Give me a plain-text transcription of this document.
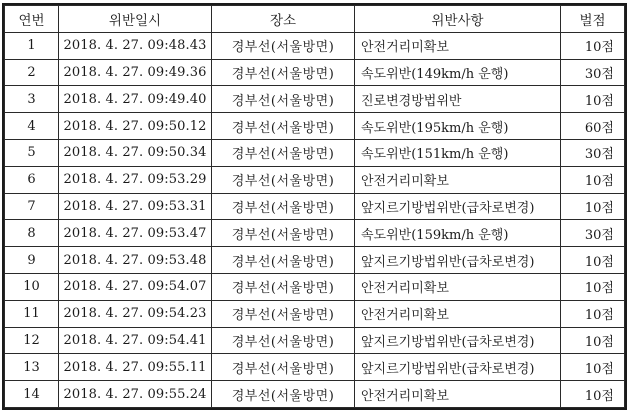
연번	위반일시	장소	위반사항	벌점
1	2018. 4. 27. 09:48.43	경부선(서울방면)	안전거리미확보	10점
2	2018. 4. 27. 09:49.36	경부선(서울방면)	속도위반(149km/h 운행)	30점
3	2018. 4. 27. 09:49.40	경부선(서울방면)	진로변경방법위반	10점
4	2018. 4. 27. 09:50.12	경부선(서울방면)	속도위반(195km/h 운행)	60점
5	2018. 4. 27. 09:50.34	경부선(서울방면)	속도위반(151km/h 운행)	30점
6	2018. 4. 27. 09:53.29	경부선(서울방면)	안전거리미확보	10점
7	2018. 4. 27. 09:53.31	경부선(서울방면)	앞지르기방법위반(급차로변경)	10점
8	2018. 4. 27. 09:53.47	경부선(서울방면)	속도위반(159km/h 운행)	30점
9	2018. 4. 27. 09:53.48	경부선(서울방면)	앞지르기방법위반(급차로변경)	10점
10	2018. 4. 27. 09:54.07	경부선(서울방면)	안전거리미확보	10점
11	2018. 4. 27. 09:54.23	경부선(서울방면)	안전거리미확보	10점
12	2018. 4. 27. 09:54.41	경부선(서울방면)	앞지르기방법위반(급차로변경)	10점
13	2018. 4. 27. 09:55.11	경부선(서울방면)	앞지르기방법위반(급차로변경)	10점
14	2018. 4. 27. 09:55.24	경부선(서울방면)	안전거리미확보	10점
